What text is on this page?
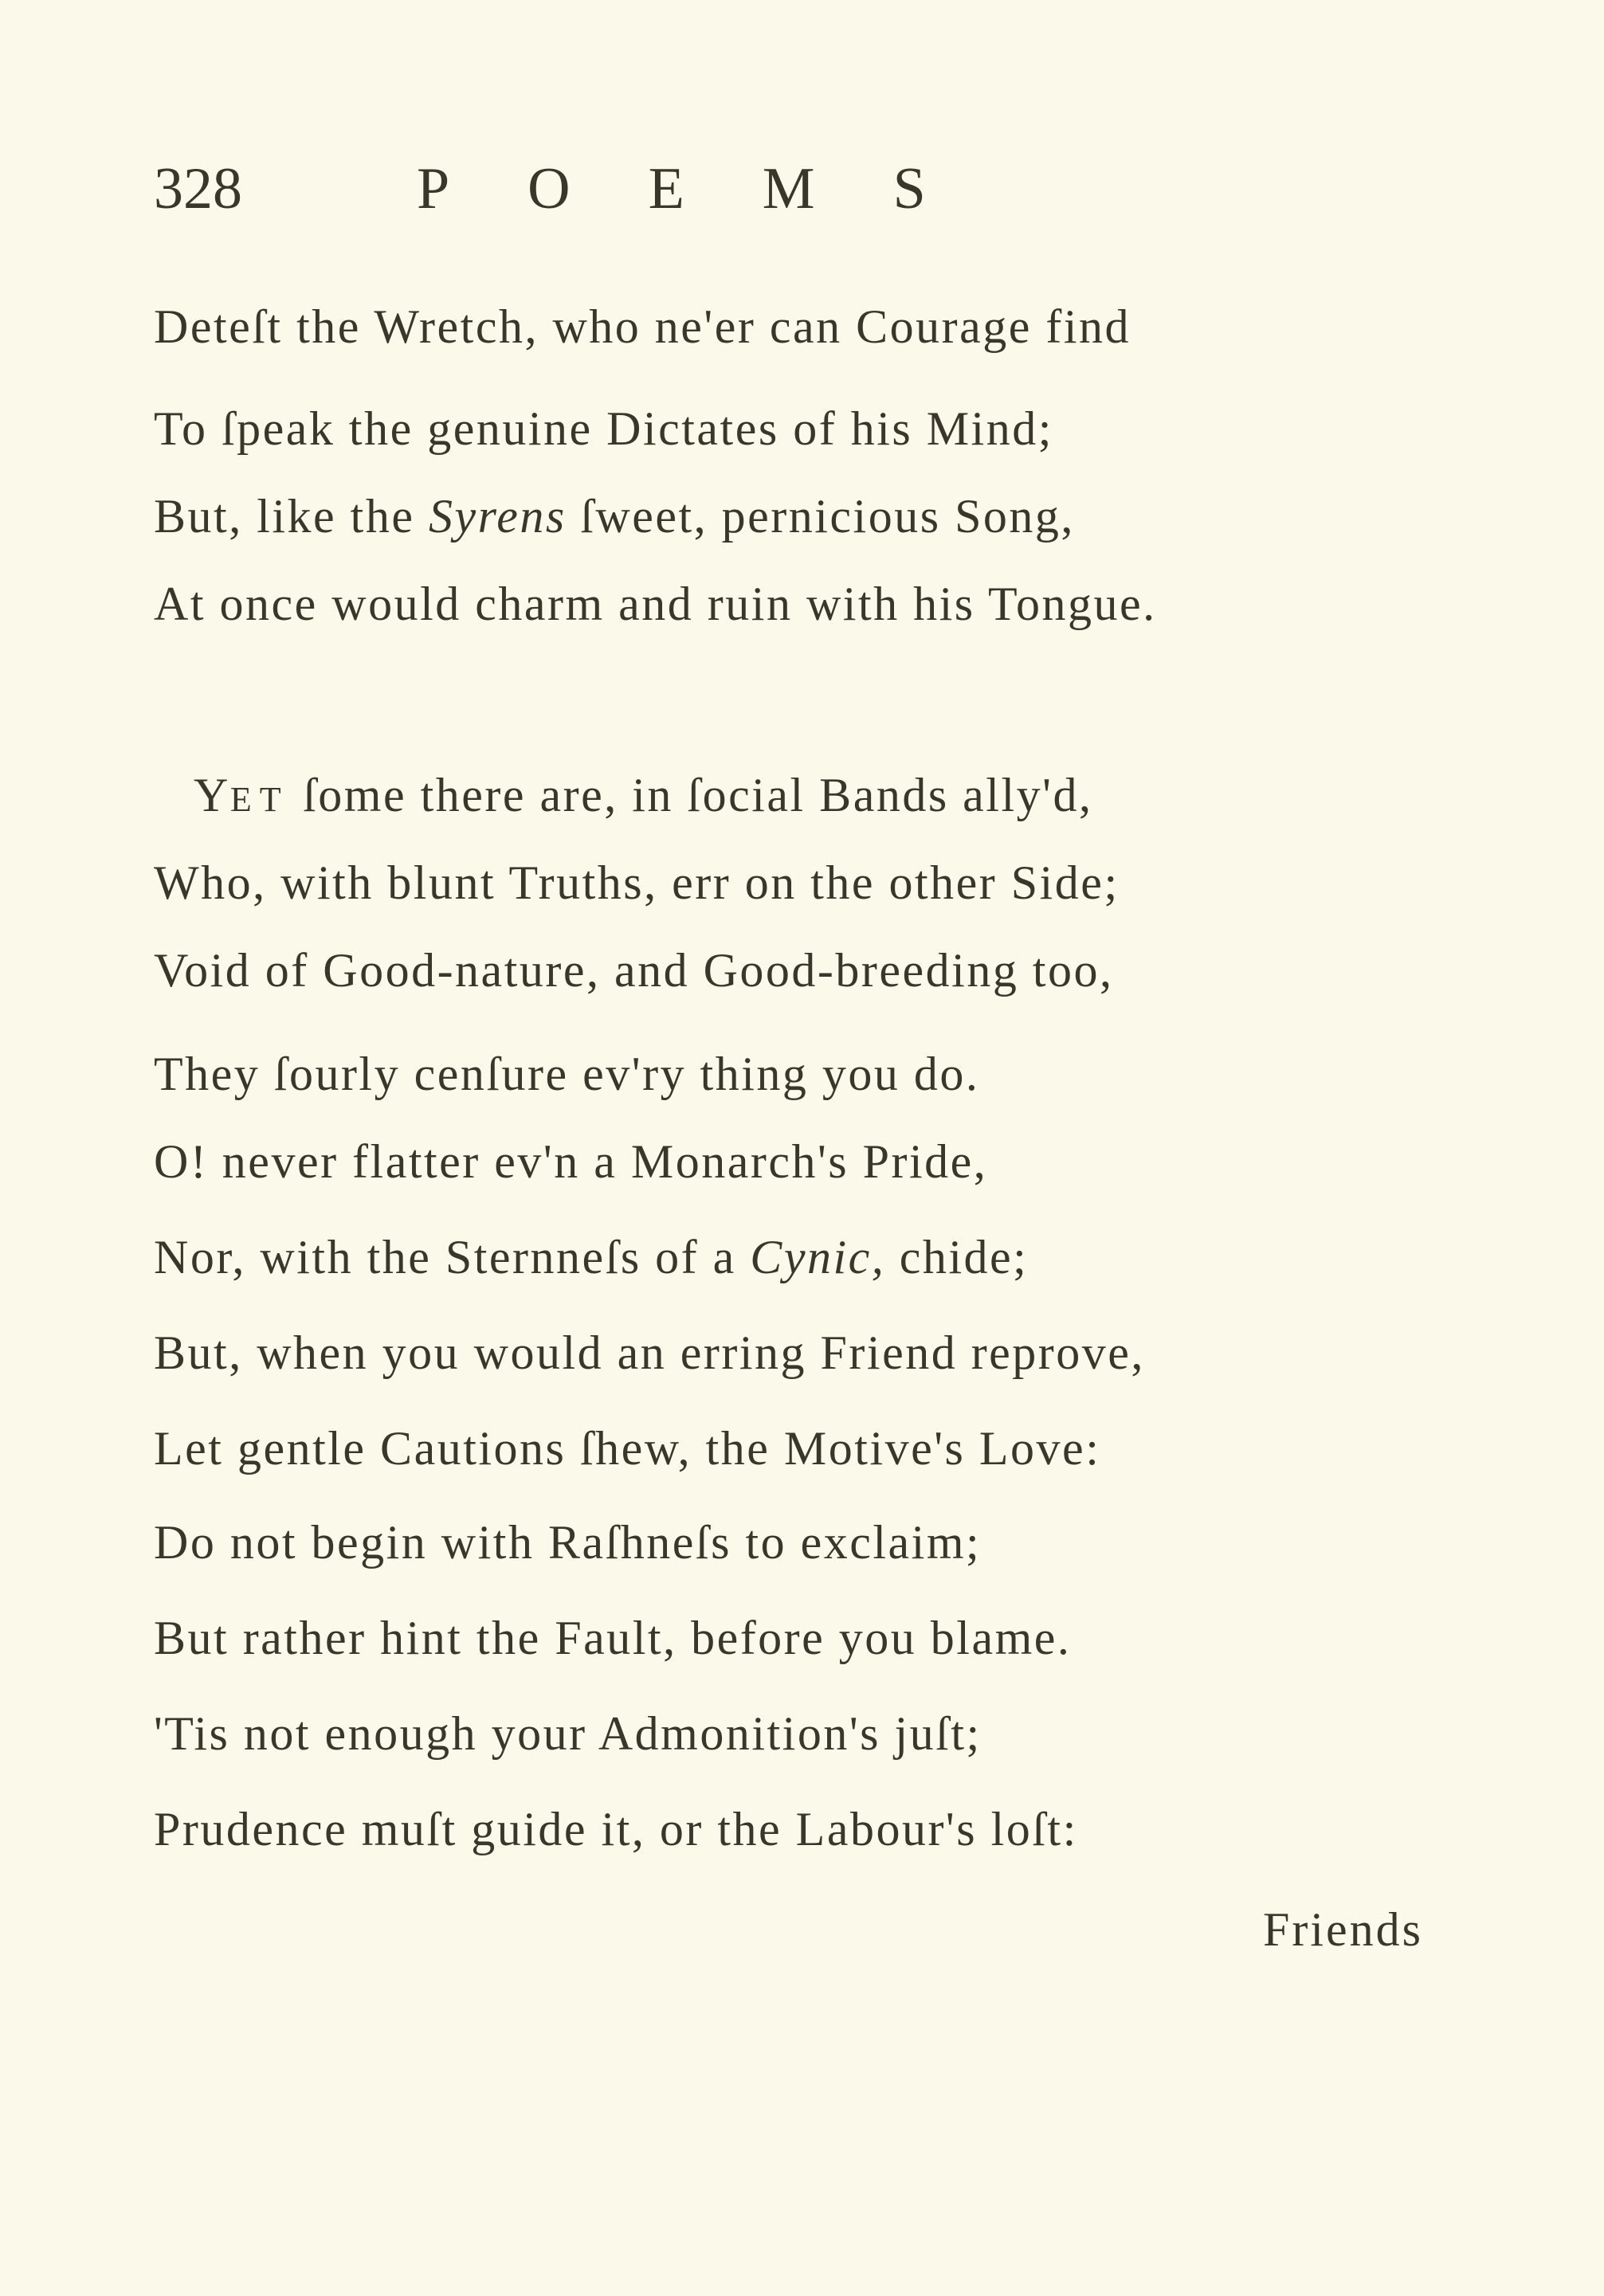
328	POEMS
Deteſt the Wretch, who ne'er can Courage find
To ſpeak the genuine Dictates of his Mind;
But, like the Syrens ſweet, pernicious Song,
At once would charm and ruin with his Tongue.
YET ſome there are, in ſocial Bands ally'd,
Who, with blunt Truths, err on the other Side;
Void of Good-nature, and Good-breeding too,
They ſourly cenſure ev'ry thing you do.
O! never flatter ev'n a Monarch's Pride,
Nor, with the Sternneſs of a Cynic, chide;
But, when you would an erring Friend reprove,
Let gentle Cautions ſhew, the Motive's Love:
Do not begin with Raſhneſs to exclaim;
But rather hint the Fault, before you blame.
'Tis not enough your Admonition's juſt;
Prudence muſt guide it, or the Labour's loſt:
Friends
